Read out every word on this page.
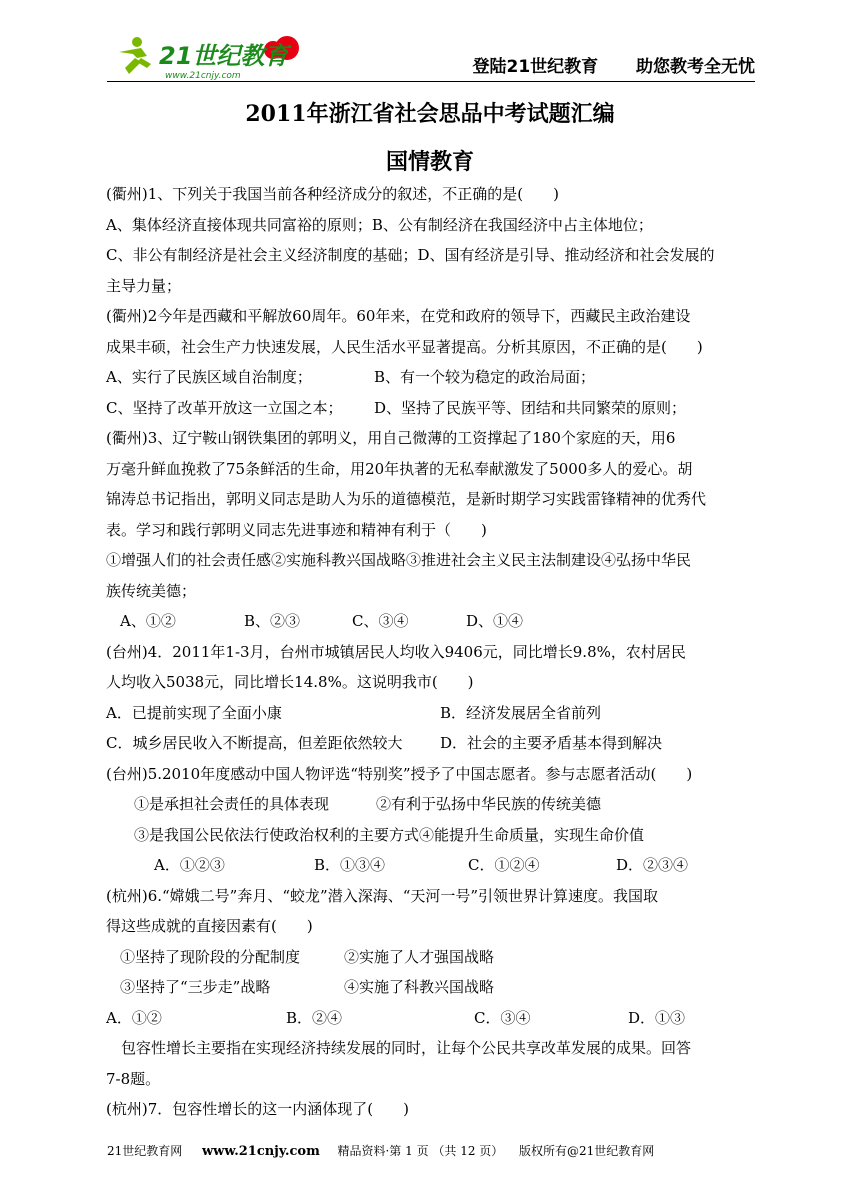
21世纪教育
www.21cnjy.com	登陆21世纪教育 助您教考全无忧
2011年浙江省社会思品中考试题汇编
国情教育
(衢州)1、下列关于我国当前各种经济成分的叙述，不正确的是(　　)
A、集体经济直接体现共同富裕的原则；B、公有制经济在我国经济中占主体地位；
C、非公有制经济是社会主义经济制度的基础；D、国有经济是引导、推动经济和社会发展的
主导力量；
(衢州)2今年是西藏和平解放60周年。60年来，在党和政府的领导下，西藏民主政治建设
成果丰硕，社会生产力快速发展，人民生活水平显著提高。分析其原因，不正确的是(　　)
A、实行了民族区域自治制度；	B、有一个较为稳定的政治局面；
C、坚持了改革开放这一立国之本； D、坚持了民族平等、团结和共同繁荣的原则；
(衢州)3、辽宁鞍山钢铁集团的郭明义，用自己微薄的工资撑起了180个家庭的天，用6
万毫升鲜血挽救了75条鲜活的生命，用20年执著的无私奉献激发了5000多人的爱心。胡
锦涛总书记指出，郭明义同志是助人为乐的道德模范，是新时期学习实践雷锋精神的优秀代
表。学习和践行郭明义同志先进事迹和精神有利于（　　)
①增强人们的社会责任感②实施科教兴国战略③推进社会主义民主法制建设④弘扬中华民
族传统美德；
A、①②	B、②③	C、③④	D、①④
(台州)4．2011年1-3月，台州市城镇居民人均收入9406元，同比增长9.8%，农村居民
人均收入5038元，同比增长14.8%。这说明我市(　　)
A．已提前实现了全面小康	B．经济发展居全省前列
C．城乡居民收入不断提高，但差距依然较大	D．社会的主要矛盾基本得到解决
(台州)5.2010年度感动中国人物评选“特别奖”授予了中国志愿者。参与志愿者活动(　　)
①是承担社会责任的具体表现	②有利于弘扬中华民族的传统美德
③是我国公民依法行使政治权利的主要方式④能提升生命质量，实现生命价值
A．①②③	B．①③④	C．①②④	D．②③④
(杭州)6.“嫦娥二号”奔月、“蛟龙”潜入深海、“天河一号”引领世界计算速度。我国取
得这些成就的直接因素有(　　)
①坚持了现阶段的分配制度	②实施了人才强国战略
③坚持了“三步走”战略	④实施了科教兴国战略
A．①②	B．②④	C．③④	D．①③
　包容性增长主要指在实现经济持续发展的同时，让每个公民共享改革发展的成果。回答
7-8题。
(杭州)7．包容性增长的这一内涵体现了(　　)
21世纪教育网 www.21cnjy.com 精品资料·第 1 页 （共 12 页） 版权所有@21世纪教育网
